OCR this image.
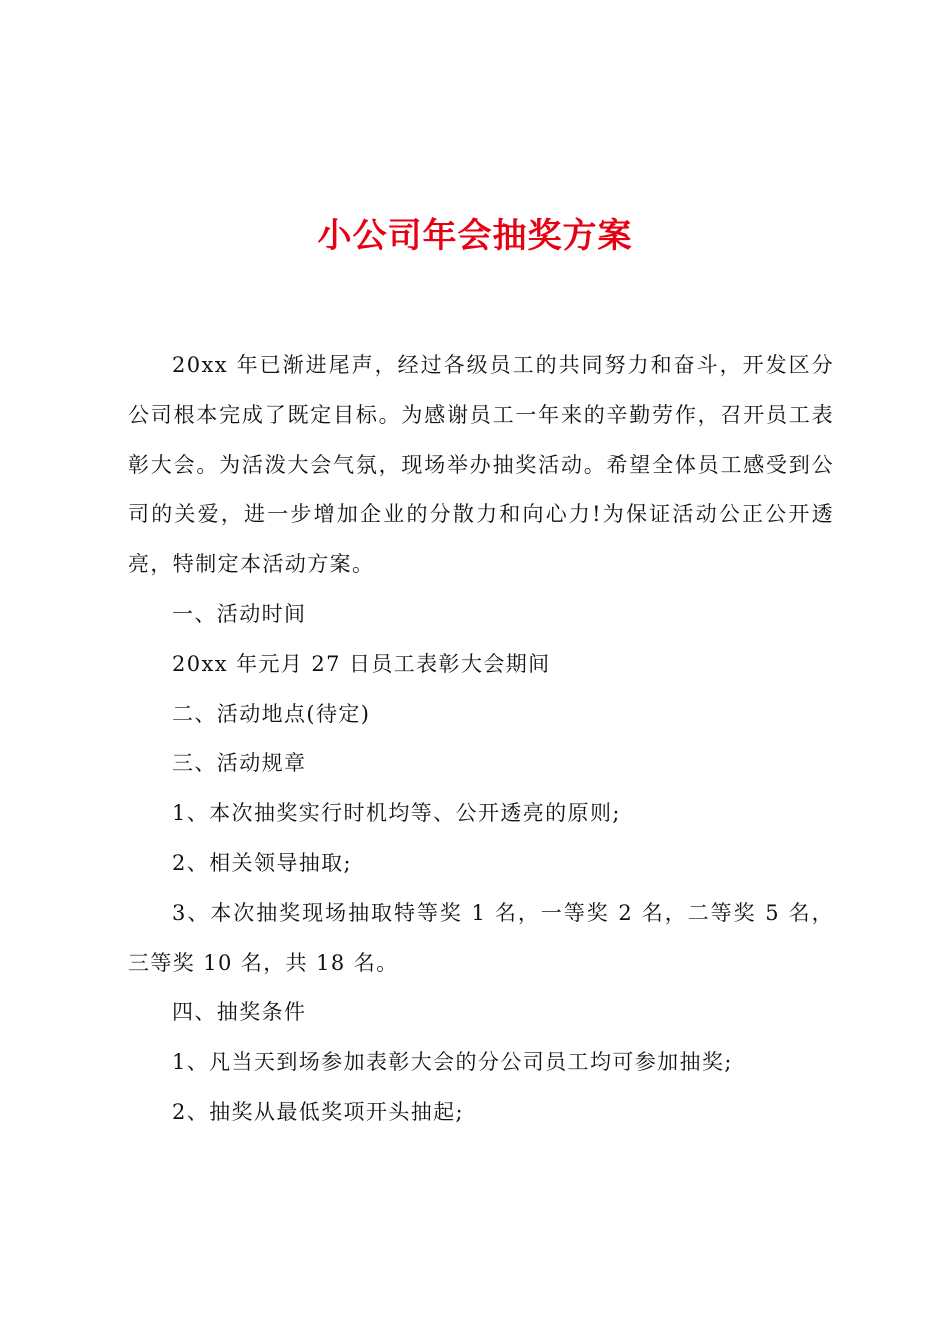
小公司年会抽奖方案

20xx 年已渐进尾声，经过各级员工的共同努力和奋斗，开发区分公司根本完成了既定目标。为感谢员工一年来的辛勤劳作，召开员工表彰大会。为活泼大会气氛，现场举办抽奖活动。希望全体员工感受到公司的关爱，进一步增加企业的分散力和向心力!为保证活动公正公开透亮，特制定本活动方案。

一、活动时间

20xx 年元月 27 日员工表彰大会期间

二、活动地点(待定)

三、活动规章

1、本次抽奖实行时机均等、公开透亮的原则;

2、相关领导抽取;

3、本次抽奖现场抽取特等奖 1 名，一等奖 2 名，二等奖 5 名，三等奖 10 名，共 18 名。

四、抽奖条件

1、凡当天到场参加表彰大会的分公司员工均可参加抽奖;

2、抽奖从最低奖项开头抽起;
